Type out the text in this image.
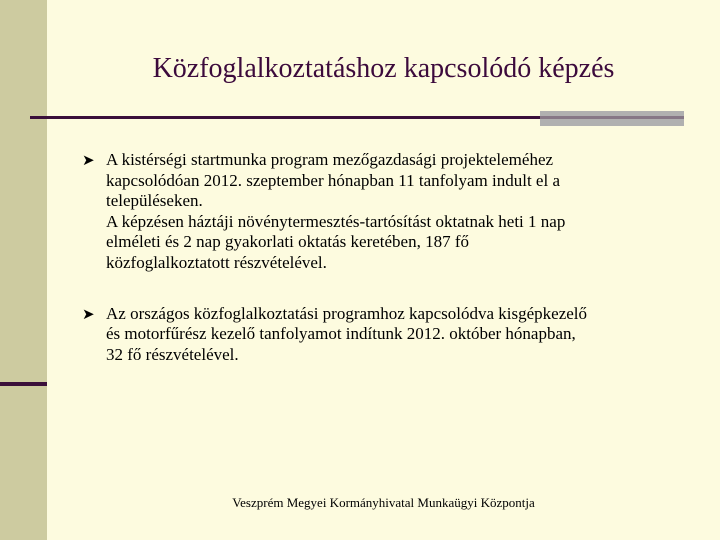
Közfoglalkoztatáshoz kapcsolódó képzés
➤ A kistérségi startmunka program mezőgazdasági projekteleméhez
kapcsolódóan 2012. szeptember hónapban 11 tanfolyam indult el a
településeken.
A képzésen háztáji növénytermesztés-tartósítást oktatnak heti 1 nap
elméleti és 2 nap gyakorlati oktatás keretében, 187 fő
közfoglalkoztatott részvételével.
➤ Az országos közfoglalkoztatási programhoz kapcsolódva kisgépkezelő
és motorfűrész kezelő tanfolyamot indítunk 2012. október hónapban,
32 fő részvételével.
Veszprém Megyei Kormányhivatal Munkaügyi Központja
